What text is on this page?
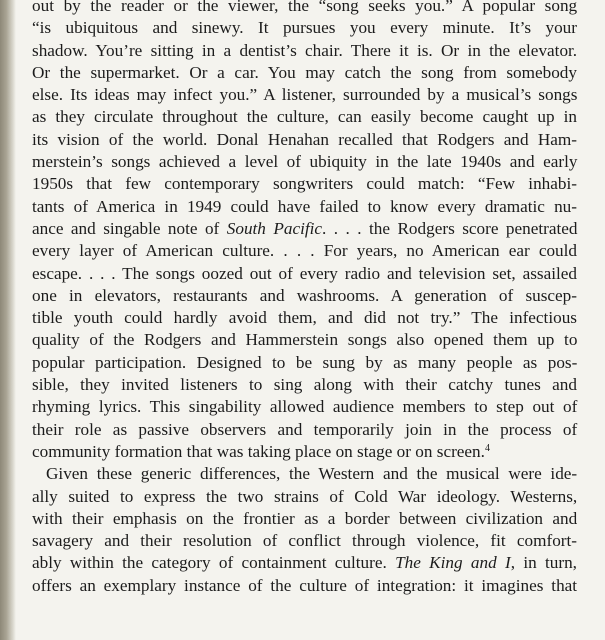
out by the reader or the viewer, the “song seeks you.” A popular song
“is ubiquitous and sinewy. It pursues you every minute. It’s your
shadow. You’re sitting in a dentist’s chair. There it is. Or in the elevator.
Or the supermarket. Or a car. You may catch the song from somebody
else. Its ideas may infect you.” A listener, surrounded by a musical’s songs
as they circulate throughout the culture, can easily become caught up in
its vision of the world. Donal Henahan recalled that Rodgers and Ham-
merstein’s songs achieved a level of ubiquity in the late 1940s and early
1950s that few contemporary songwriters could match: “Few inhabi-
tants of America in 1949 could have failed to know every dramatic nu-
ance and singable note of South Pacific. . . . the Rodgers score penetrated
every layer of American culture. . . . For years, no American ear could
escape. . . . The songs oozed out of every radio and television set, assailed
one in elevators, restaurants and washrooms. A generation of suscep-
tible youth could hardly avoid them, and did not try.” The infectious
quality of the Rodgers and Hammerstein songs also opened them up to
popular participation. Designed to be sung by as many people as pos-
sible, they invited listeners to sing along with their catchy tunes and
rhyming lyrics. This singability allowed audience members to step out of
their role as passive observers and temporarily join in the process of
community formation that was taking place on stage or on screen.$^4$
Given these generic differences, the Western and the musical were ide-
ally suited to express the two strains of Cold War ideology. Westerns,
with their emphasis on the frontier as a border between civilization and
savagery and their resolution of conflict through violence, fit comfort-
ably within the category of containment culture. The King and I, in turn,
offers an exemplary instance of the culture of integration: it imagines that
